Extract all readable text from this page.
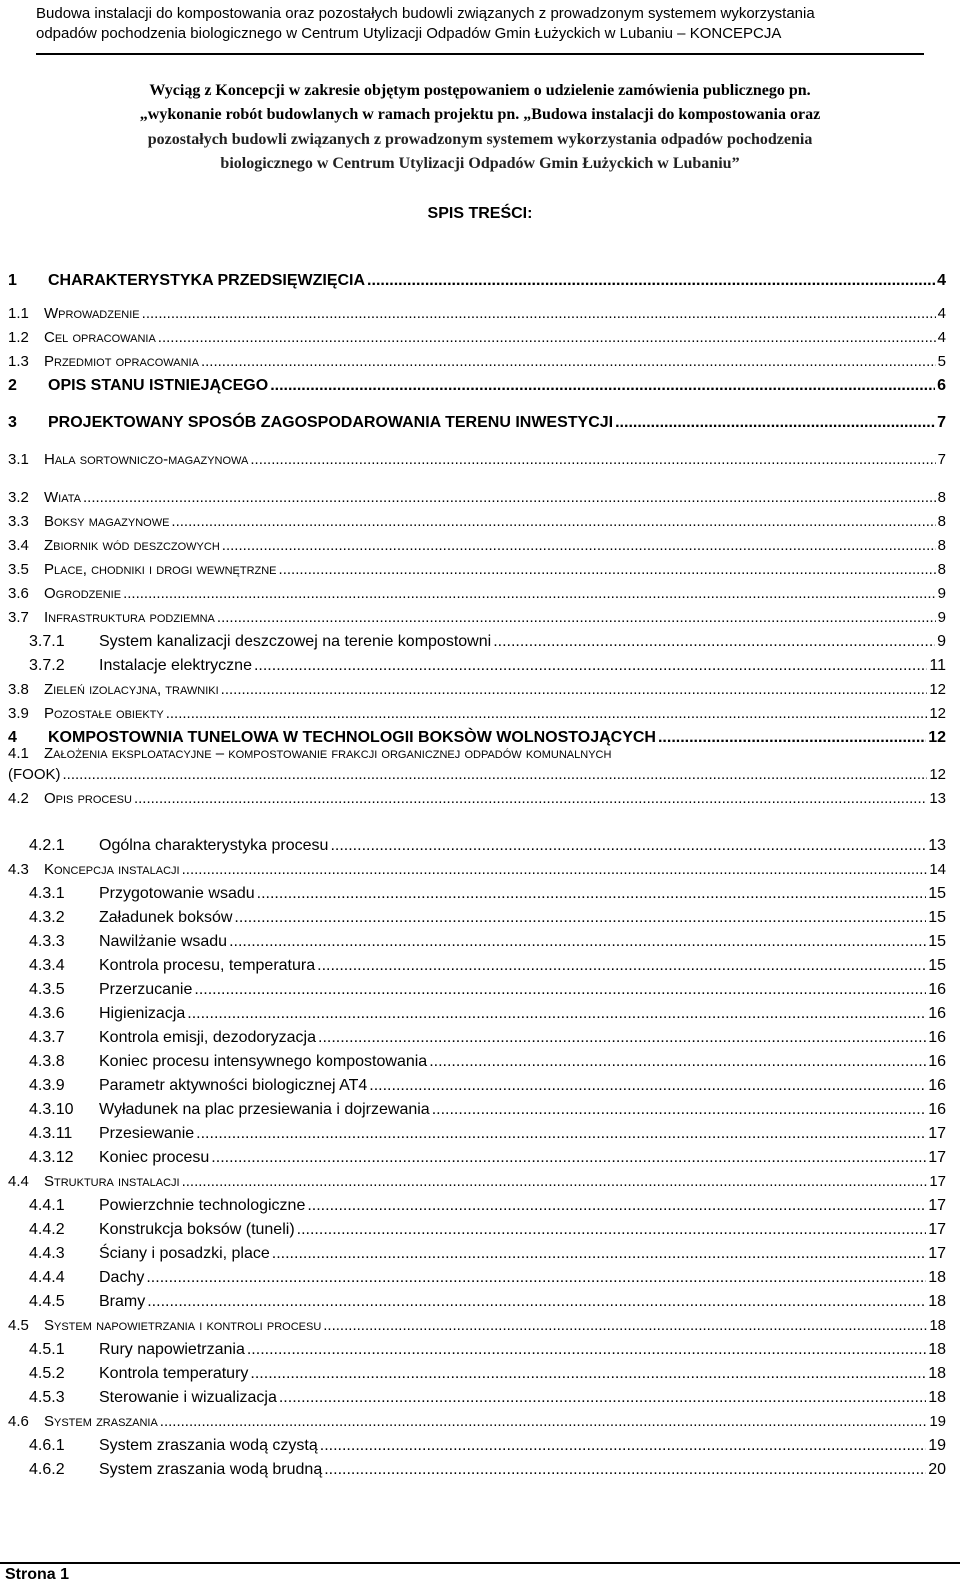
Budowa instalacji do kompostowania oraz pozostałych budowli związanych z prowadzonym systemem wykorzystania
odpadów pochodzenia biologicznego w Centrum Utylizacji Odpadów Gmin Łużyckich w Lubaniu – KONCEPCJA
Wyciąg z Koncepcji w zakresie objętym postępowaniem o udzielenie zamówienia publicznego pn.
„wykonanie robót budowlanych w ramach projektu pn. „Budowa instalacji do kompostowania oraz
pozostałych budowli związanych z prowadzonym systemem wykorzystania odpadów pochodzenia
biologicznego w Centrum Utylizacji Odpadów Gmin Łużyckich w Lubaniu”
SPIS TREŚCI:
1	CHARAKTERYSTYKA PRZEDSIĘWZIĘCIA .....	4
1.1	Wprowadzenie .....	4
1.2	Cel opracowania .....	4
1.3	Przedmiot opracowania .....	5
2	OPIS STANU ISTNIEJĄCEGO .....	6
3	PROJEKTOWANY SPOSÓB ZAGOSPODAROWANIA TERENU INWESTYCJI .....	7
3.1	Hala sortowniczo-magazynowa .....	7
3.2	Wiata .....	8
3.3	Boksy magazynowe .....	8
3.4	Zbiornik wód deszczowych .....	8
3.5	Place, chodniki i drogi wewnętrzne .....	8
3.6	Ogrodzenie .....	9
3.7	Infrastruktura podziemna .....	9
3.7.1	System kanalizacji deszczowej na terenie kompostowni .....	9
3.7.2	Instalacje elektryczne .....	11
3.8	Zieleń izolacyjna, trawniki .....	12
3.9	Pozostałe obiekty .....	12
4	KOMPOSTOWNIA TUNELOWA W TECHNOLOGII BOKSÒW WOLNOSTOJĄCYCH .....	12
4.1 Założenia eksploatacyjne – kompostowanie frakcji organicznej odpadów komunalnych
(FOOK) .....	12
4.2	Opis procesu .....	13
4.2.1	Ogólna charakterystyka procesu .....	13
4.3	Koncepcja instalacji .....	14
4.3.1	Przygotowanie wsadu .....	15
4.3.2	Załadunek boksów .....	15
4.3.3	Nawilżanie wsadu .....	15
4.3.4	Kontrola procesu, temperatura .....	15
4.3.5	Przerzucanie .....	16
4.3.6	Higienizacja .....	16
4.3.7	Kontrola emisji, dezodoryzacja .....	16
4.3.8	Koniec procesu intensywnego kompostowania .....	16
4.3.9	Parametr aktywności biologicznej AT4 .....	16
4.3.10	Wyładunek na plac przesiewania i dojrzewania .....	16
4.3.11	Przesiewanie .....	17
4.3.12	Koniec procesu .....	17
4.4	Struktura instalacji .....	17
4.4.1	Powierzchnie technologiczne .....	17
4.4.2	Konstrukcja boksów (tuneli) .....	17
4.4.3	Ściany i posadzki, place .....	17
4.4.4	Dachy .....	18
4.4.5	Bramy .....	18
4.5	System napowietrzania i kontroli procesu .....	18
4.5.1	Rury napowietrzania .....	18
4.5.2	Kontrola temperatury .....	18
4.5.3	Sterowanie i wizualizacja .....	18
4.6	System zraszania .....	19
4.6.1	System zraszania wodą czystą .....	19
4.6.2	System zraszania wodą brudną .....	20
Strona 1
